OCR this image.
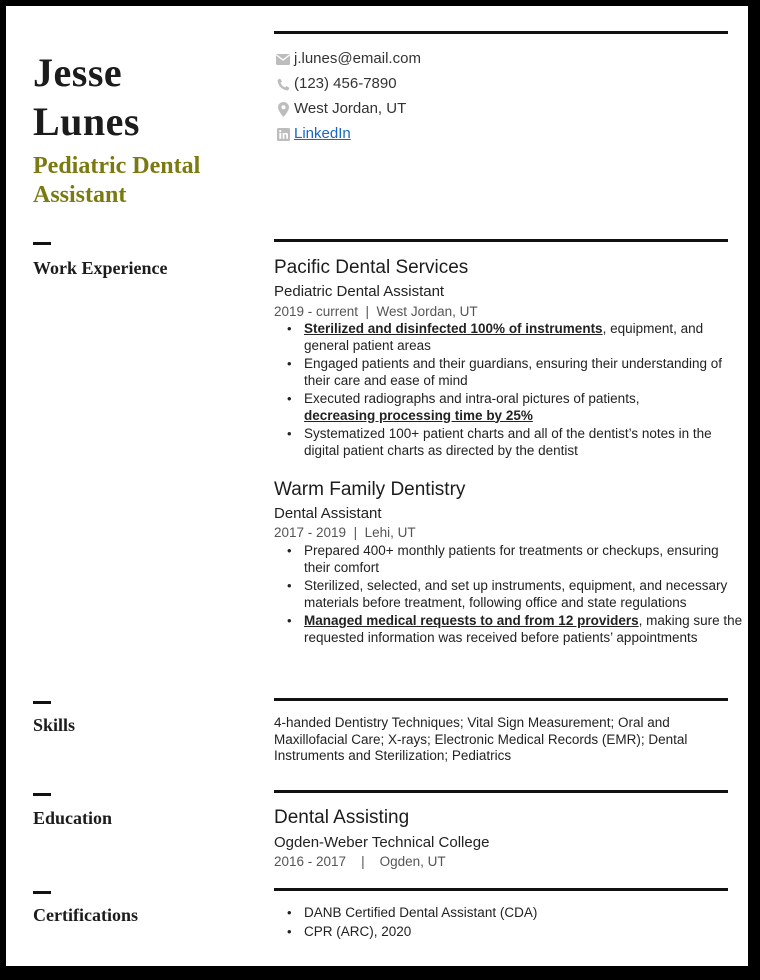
Jesse
Lunes
Pediatric Dental
Assistant
j.lunes@email.com
(123) 456-7890
West Jordan, UT
LinkedIn
Work Experience	Pacific Dental Services
Pediatric Dental Assistant
2019 - current  |  West Jordan, UT
• Sterilized and disinfected 100% of instruments, equipment, and general patient areas
• Engaged patients and their guardians, ensuring their understanding of their care and ease of mind
• Executed radiographs and intra-oral pictures of patients,
decreasing processing time by 25%
• Systematized 100+ patient charts and all of the dentist’s notes in the digital patient charts as directed by the dentist
Warm Family Dentistry
Dental Assistant
2017 - 2019  |  Lehi, UT
• Prepared 400+ monthly patients for treatments or checkups, ensuring their comfort
• Sterilized, selected, and set up instruments, equipment, and necessary materials before treatment, following office and state regulations
• Managed medical requests to and from 12 providers, making sure the requested information was received before patients’ appointments
Skills	4-handed Dentistry Techniques; Vital Sign Measurement; Oral and Maxillofacial Care; X-rays; Electronic Medical Records (EMR); Dental Instruments and Sterilization; Pediatrics
Education	Dental Assisting
Ogden-Weber Technical College
2016 - 2017    |    Ogden, UT
Certifications
•	DANB Certified Dental Assistant (CDA)
• CPR (ARC), 2020
